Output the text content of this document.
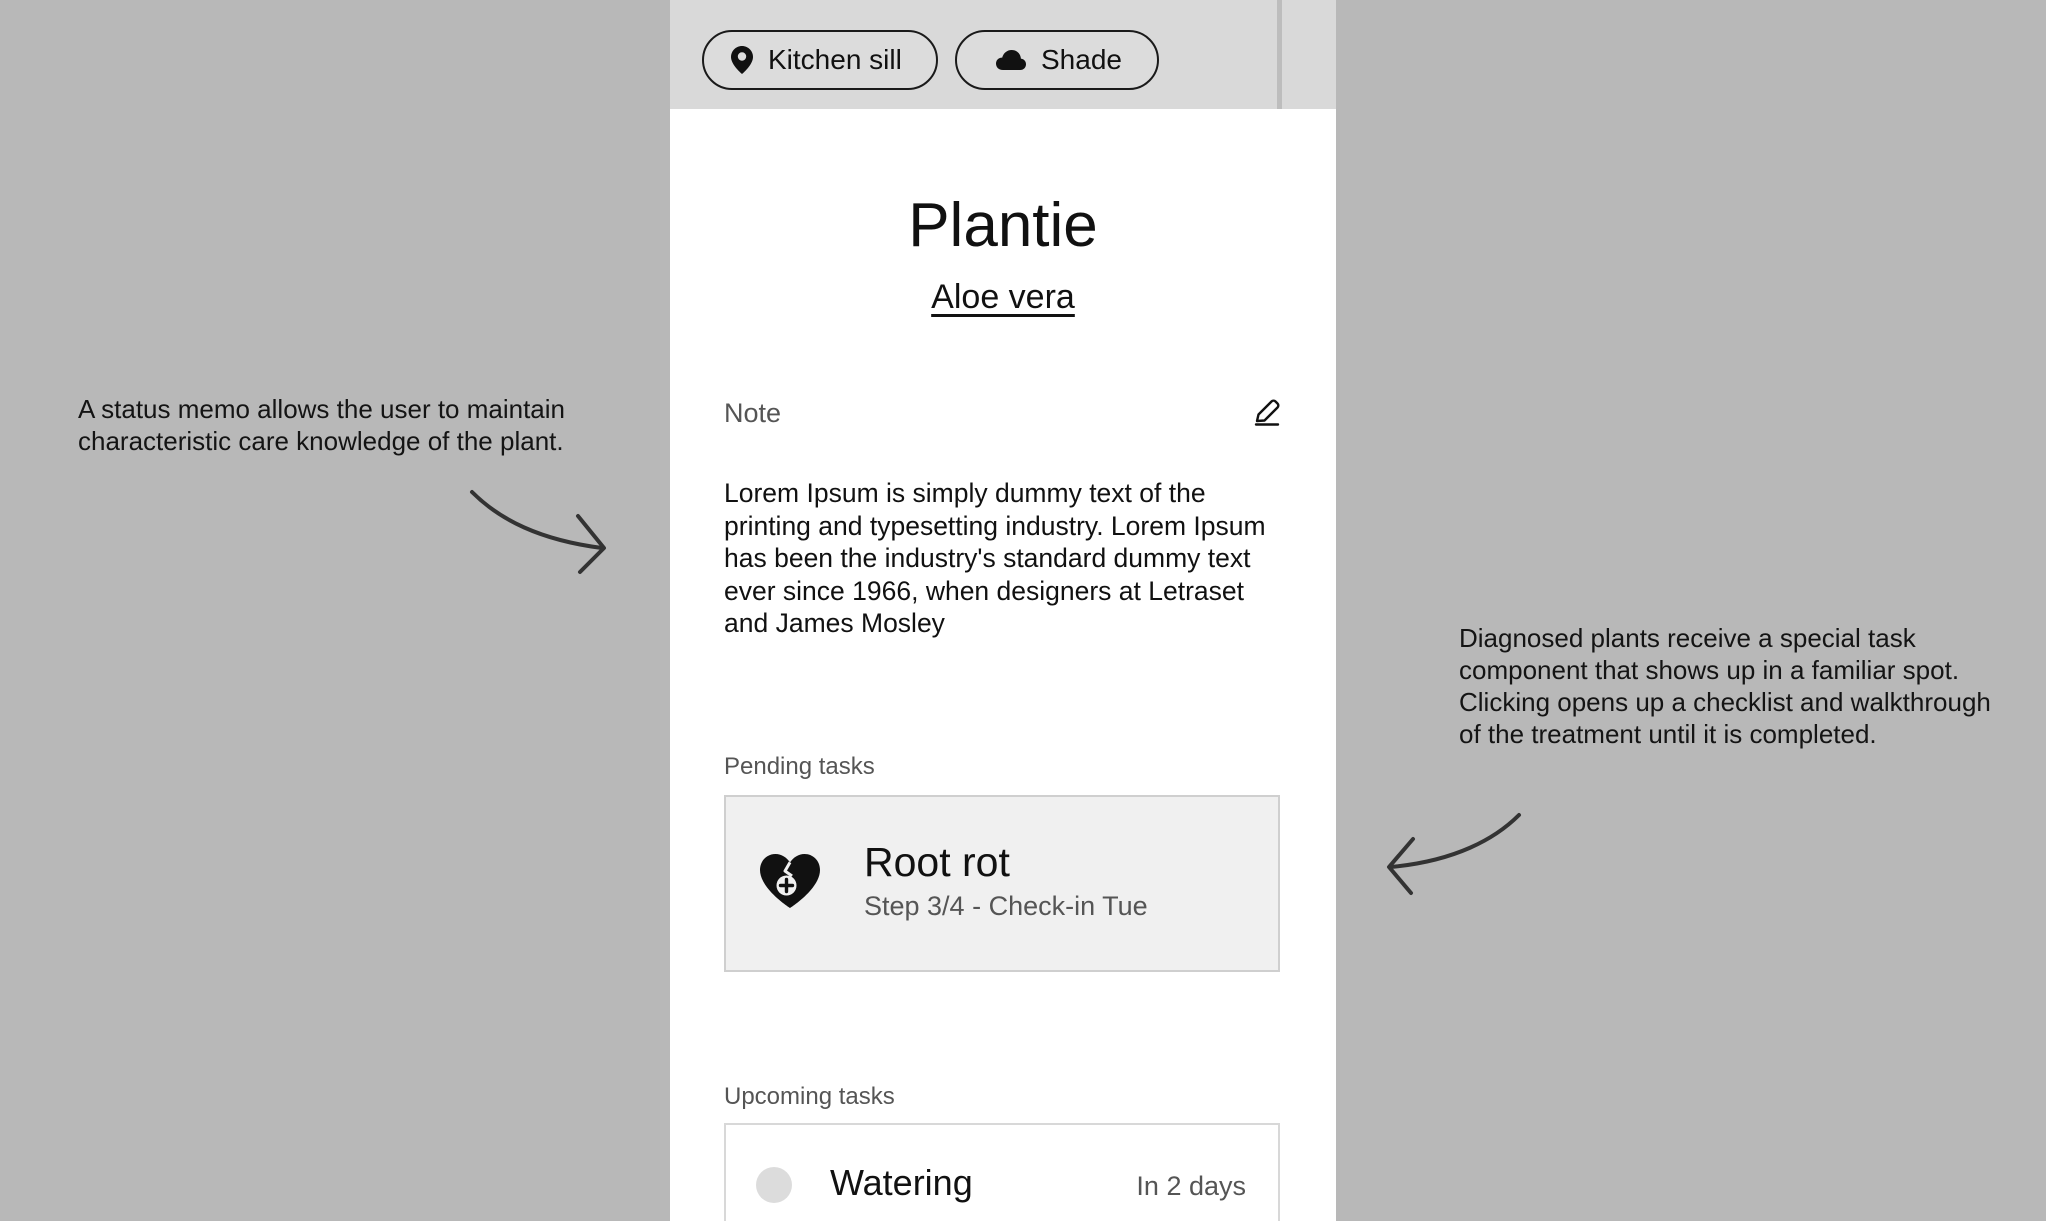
A status memo allows the user to maintain characteristic care knowledge of the plant.
Diagnosed plants receive a special task component that shows up in a familiar spot. Clicking opens up a checklist and walkthrough of the treatment until it is completed.
Kitchen sill	Shade
Plantie
Aloe vera
Note
Lorem Ipsum is simply dummy text of the printing and typesetting industry. Lorem Ipsum has been the industry's standard dummy text ever since 1966, when designers at Letraset and James Mosley
Pending tasks
Root rot
Step 3/4 - Check-in Tue
Upcoming tasks
Watering	In 2 days
